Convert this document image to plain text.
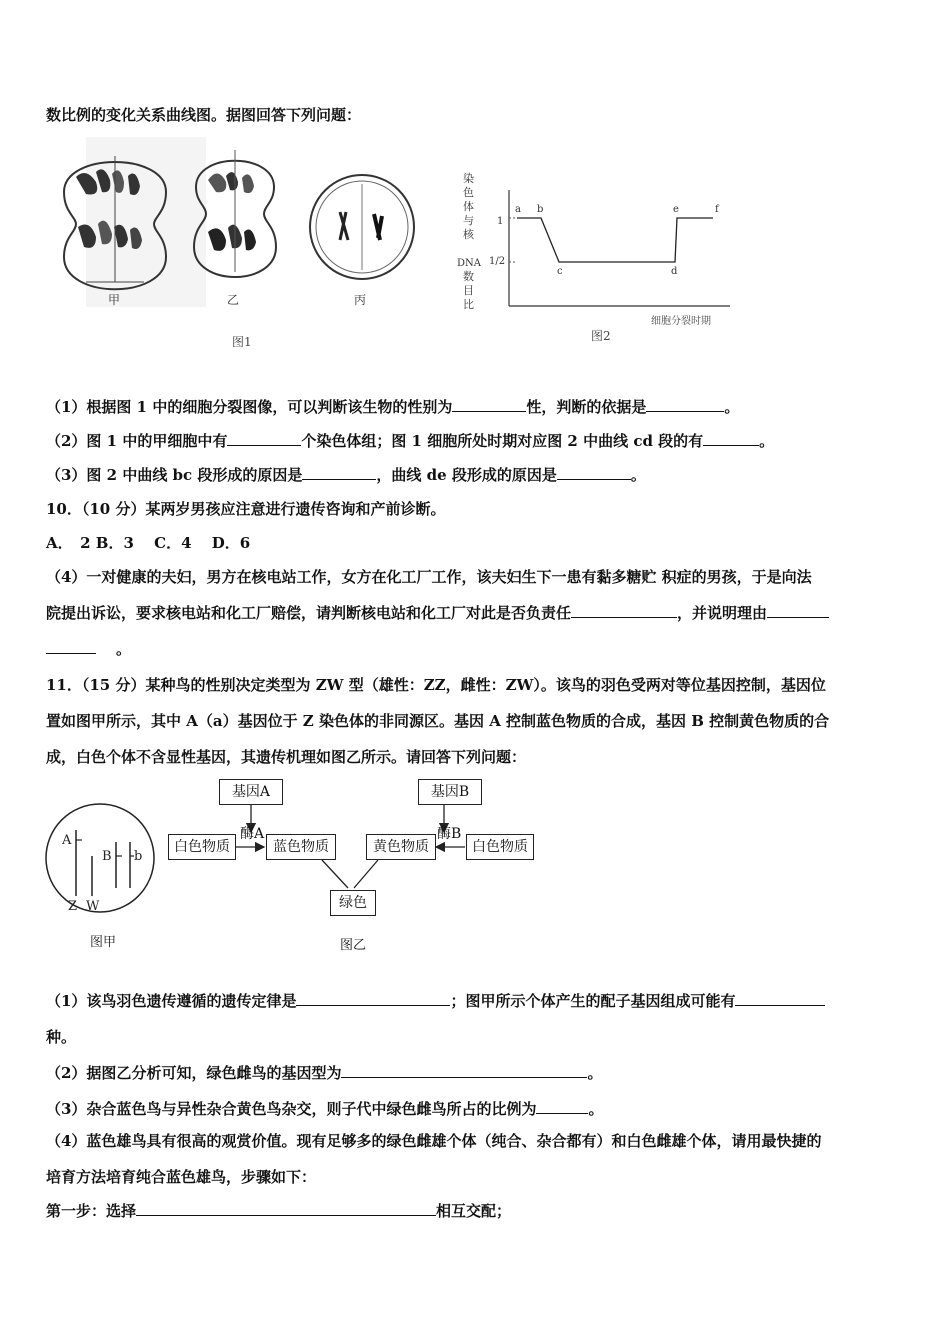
数比例的变化关系曲线图。据图回答下列问题：
甲	乙	丙
图1
染
色
体
与
核
DNA
数
目
比
1
1/2
a b
c	d
e	f
细胞分裂时期
图2
（1）根据图 1 中的细胞分裂图像，可以判断该生物的性别为	性，判断的依据是	。
（2）图 1 中的甲细胞中有	个染色体组；图 1 细胞所处时期对应图 2 中曲线 cd 段的有	。
（3）图 2 中曲线 bc 段形成的原因是	，曲线 de 段形成的原因是	。
10．（10 分）某两岁男孩应注意进行遗传咨询和产前诊断。
A．　2 B．3　 C．4　 D．6
（4）一对健康的夫妇，男方在核电站工作，女方在化工厂工作，该夫妇生下一患有黏多糖贮 积症的男孩，于是向法
院提出诉讼，要求核电站和化工厂赔偿，请判断核电站和化工厂对此是否负责任	，并说明理由
。
11．（15 分）某种鸟的性别决定类型为 ZW 型（雄性：ZZ，雌性：ZW）。该鸟的羽色受两对等位基因控制，基因位
置如图甲所示，其中 A（a）基因位于 Z 染色体的非同源区。基因 A 控制蓝色物质的合成，基因 B 控制黄色物质的合
成，白色个体不含显性基因，其遗传机理如图乙所示。请回答下列问题：
A
B b
Z W
图甲
基因A	基因B
酶A	酶B
白色物质	蓝色物质	黄色物质	白色物质
绿色
图乙
（1）该鸟羽色遗传遵循的遗传定律是	；图甲所示个体产生的配子基因组成可能有
种。
（2）据图乙分析可知，绿色雌鸟的基因型为	。
（3）杂合蓝色鸟与异性杂合黄色鸟杂交，则子代中绿色雌鸟所占的比例为	。
（4）蓝色雄鸟具有很高的观赏价值。现有足够多的绿色雌雄个体（纯合、杂合都有）和白色雌雄个体，请用最快捷的
培育方法培育纯合蓝色雄鸟，步骤如下：
第一步：选择	相互交配；
